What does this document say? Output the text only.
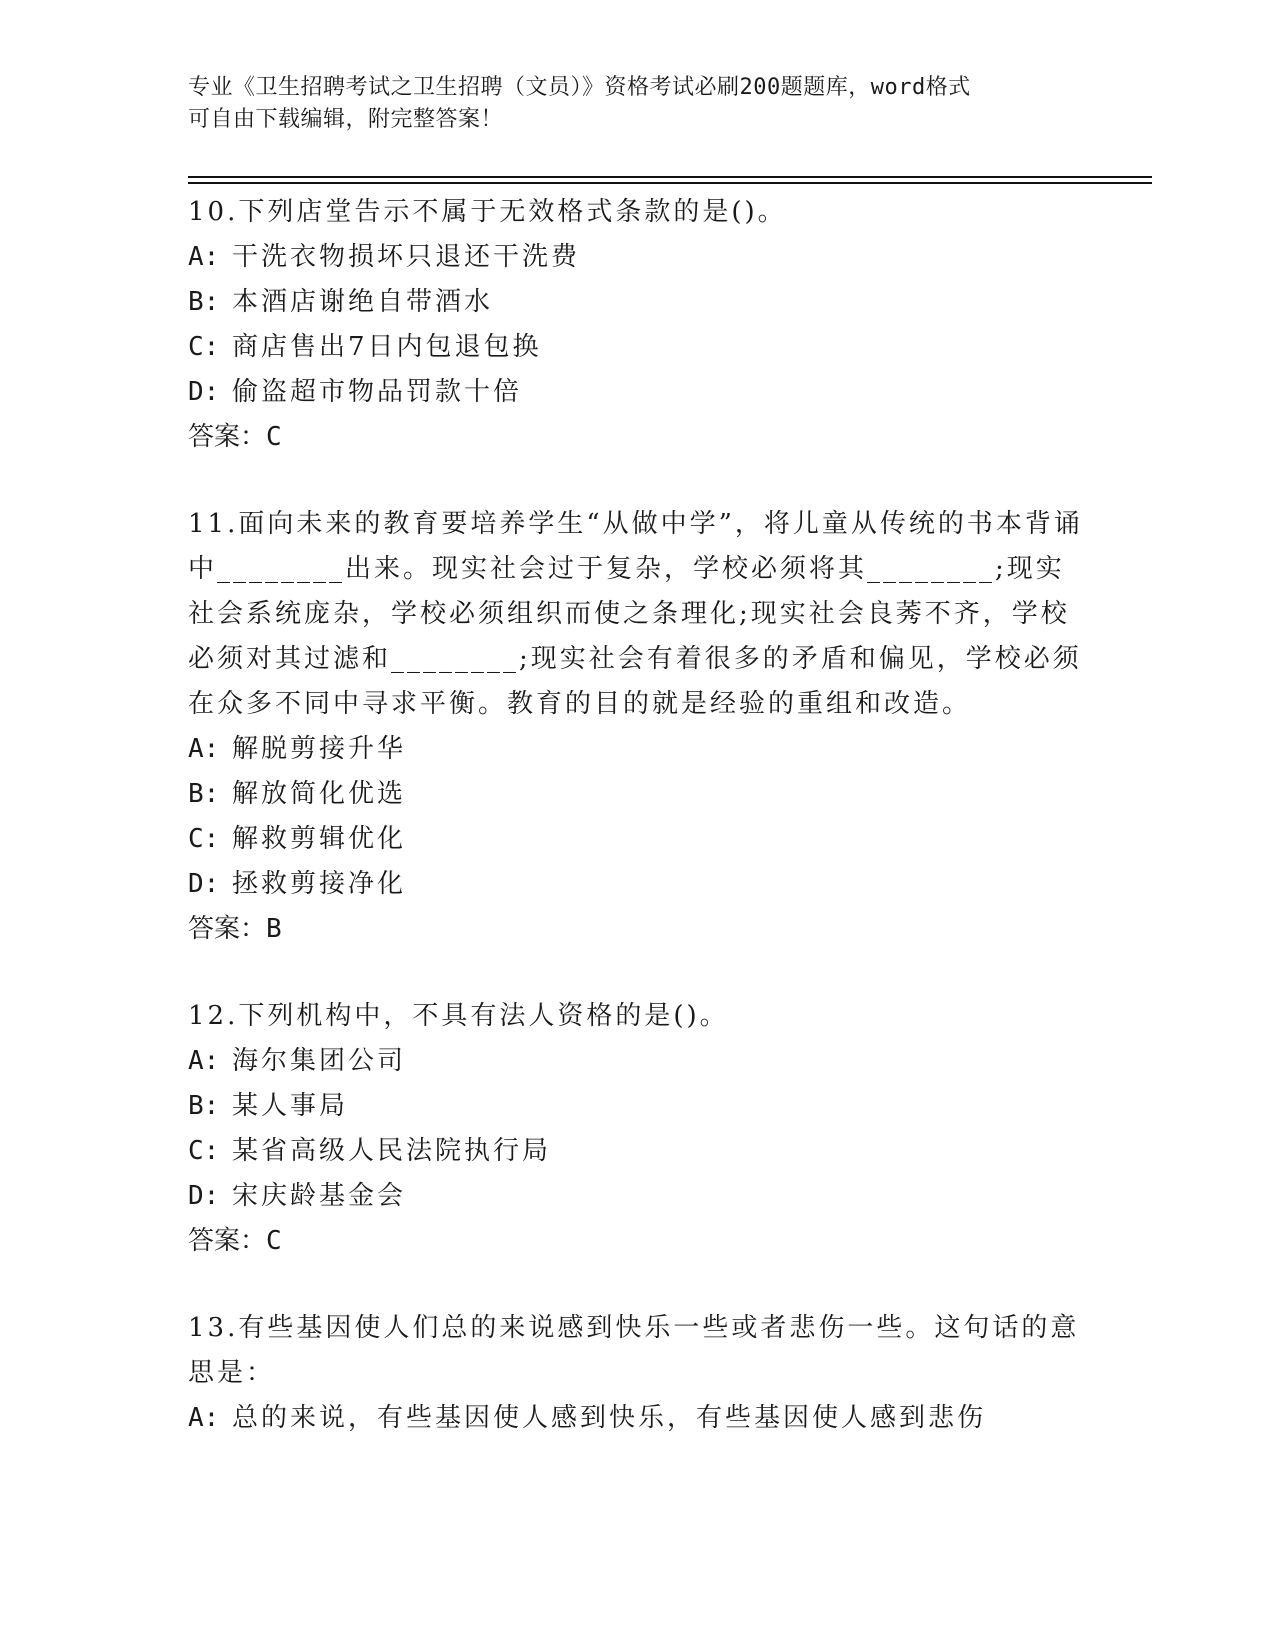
专业《卫生招聘考试之卫生招聘（文员）》资格考试必刷200题题库，word格式
可自由下载编辑，附完整答案！

10.下列店堂告示不属于无效格式条款的是()。

A: 干洗衣物损坏只退还干洗费

B: 本酒店谢绝自带酒水

C: 商店售出7日内包退包换

D: 偷盗超市物品罚款十倍

答案：C

11.面向未来的教育要培养学生“从做中学”，将儿童从传统的书本背诵中________出来。现实社会过于复杂，学校必须将其________;现实社会系统庞杂，学校必须组织而使之条理化;现实社会良莠不齐，学校必须对其过滤和________;现实社会有着很多的矛盾和偏见，学校必须在众多不同中寻求平衡。教育的目的就是经验的重组和改造。

A: 解脱剪接升华

B: 解放简化优选

C: 解救剪辑优化

D: 拯救剪接净化

答案：B

12.下列机构中，不具有法人资格的是()。

A: 海尔集团公司

B: 某人事局

C: 某省高级人民法院执行局

D: 宋庆龄基金会

答案：C

13.有些基因使人们总的来说感到快乐一些或者悲伤一些。这句话的意思是：

A: 总的来说，有些基因使人感到快乐，有些基因使人感到悲伤
